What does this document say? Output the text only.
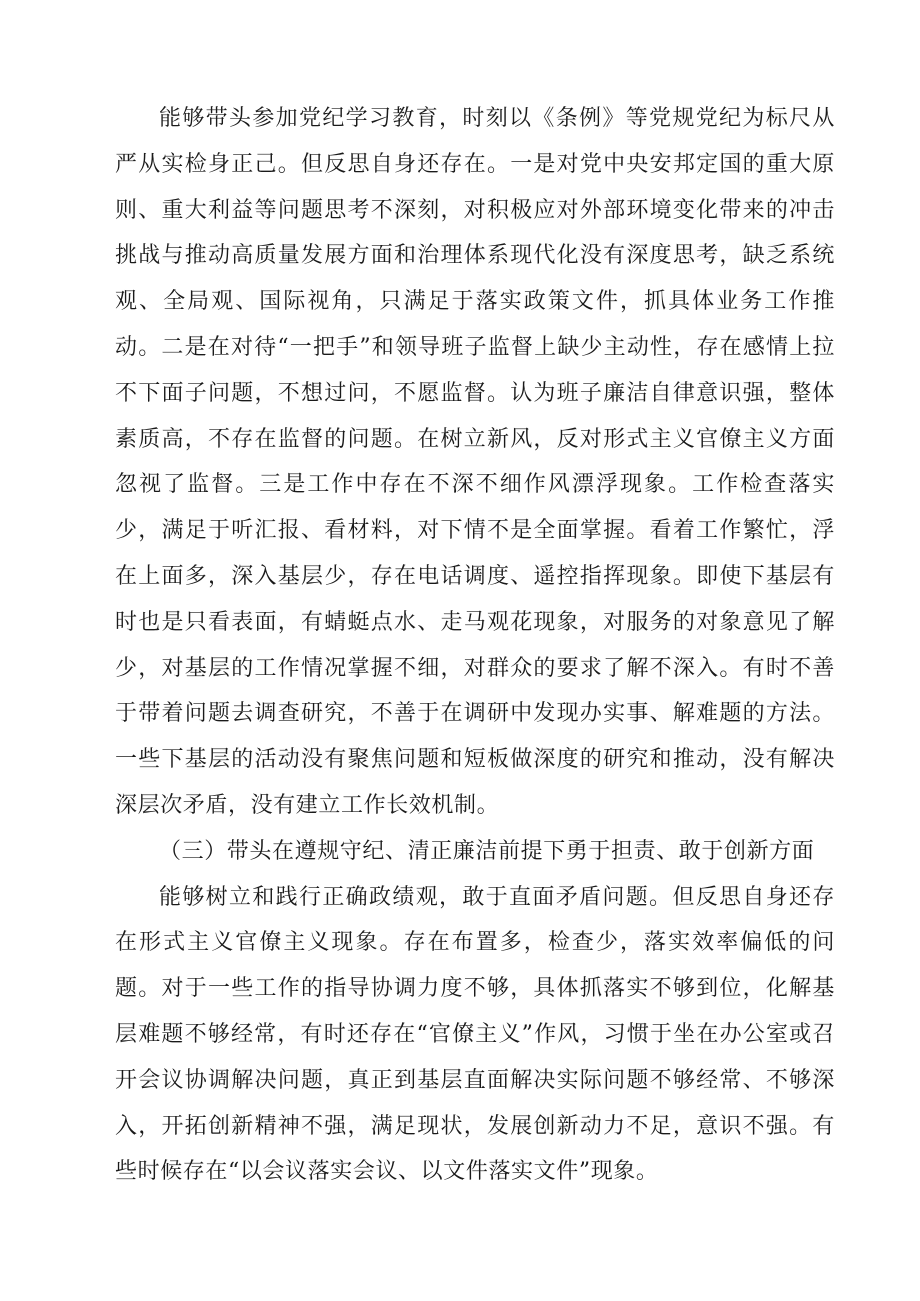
能够带头参加党纪学习教育，时刻以《条例》等党规党纪为标尺从严从实检身正己。但反思自身还存在。一是对党中央安邦定国的重大原则、重大利益等问题思考不深刻，对积极应对外部环境变化带来的冲击挑战与推动高质量发展方面和治理体系现代化没有深度思考，缺乏系统观、全局观、国际视角，只满足于落实政策文件，抓具体业务工作推动。二是在对待“一把手”和领导班子监督上缺少主动性，存在感情上拉不下面子问题，不想过问，不愿监督。认为班子廉洁自律意识强，整体素质高，不存在监督的问题。在树立新风，反对形式主义官僚主义方面忽视了监督。三是工作中存在不深不细作风漂浮现象。工作检查落实少，满足于听汇报、看材料，对下情不是全面掌握。看着工作繁忙，浮在上面多，深入基层少，存在电话调度、遥控指挥现象。即使下基层有时也是只看表面，有蜻蜓点水、走马观花现象，对服务的对象意见了解少，对基层的工作情况掌握不细，对群众的要求了解不深入。有时不善于带着问题去调查研究，不善于在调研中发现办实事、解难题的方法。一些下基层的活动没有聚焦问题和短板做深度的研究和推动，没有解决深层次矛盾，没有建立工作长效机制。

（三）带头在遵规守纪、清正廉洁前提下勇于担责、敢于创新方面

能够树立和践行正确政绩观，敢于直面矛盾问题。但反思自身还存在形式主义官僚主义现象。存在布置多，检查少，落实效率偏低的问题。对于一些工作的指导协调力度不够，具体抓落实不够到位，化解基层难题不够经常，有时还存在“官僚主义”作风，习惯于坐在办公室或召开会议协调解决问题，真正到基层直面解决实际问题不够经常、不够深入，开拓创新精神不强，满足现状，发展创新动力不足，意识不强。有些时候存在“以会议落实会议、以文件落实文件”现象。
